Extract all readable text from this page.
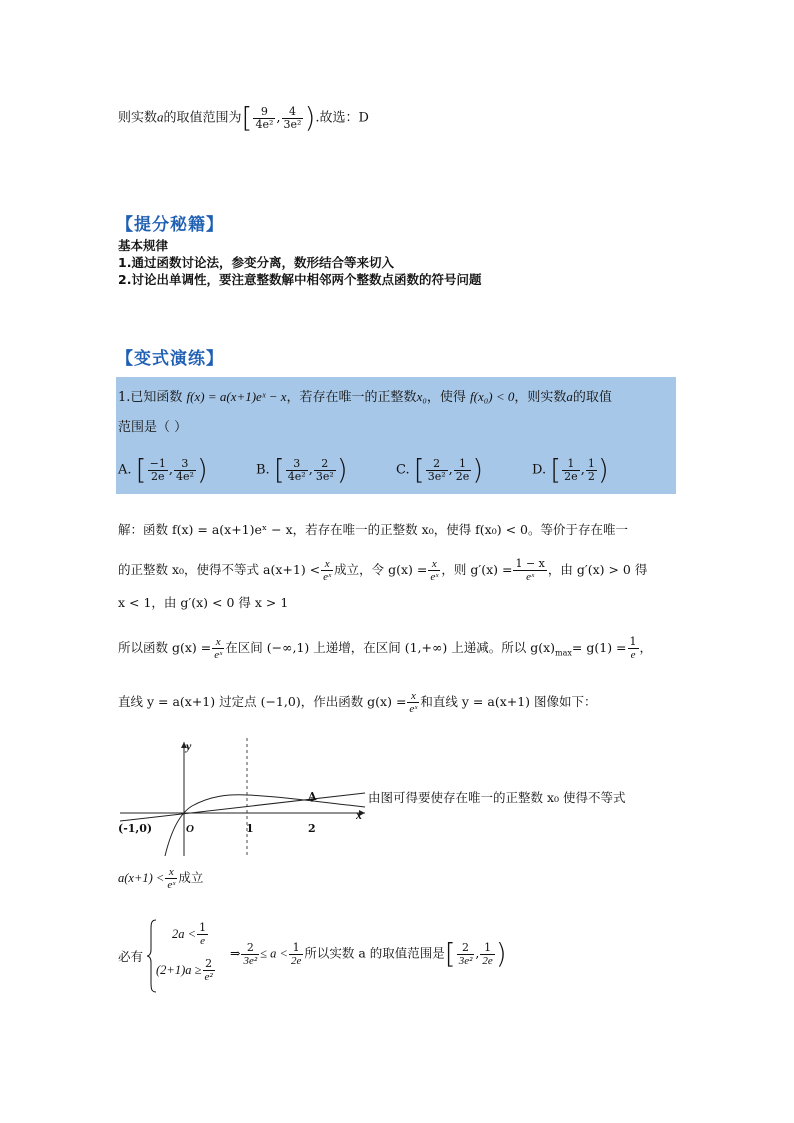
则实数a的取值范围为[ $\frac{9}{\text{4e²}}$ , $\frac{4}{\text{3e²}}$ ).故选：D
【提分秘籍】
基本规律
1.通过函数讨论法，参变分离，数形结合等来切入
2.讨论出单调性，要注意整数解中相邻两个整数点函数的符号问题
【变式演练】
1.已知函数 f(x) = a(x+1)eˣ − x，若存在唯一的正整数x₀，使得 f(x₀) < 0，则实数a的取值
范围是（ ）
A. [ $\frac{-1}{2e}$ , $\frac{3}{\text{4e²}}$ )	B. [ $\frac{3}{\text{4e²}}$ , $\frac{2}{\text{3e²}}$ )	C. [ $\frac{2}{\text{3e²}}$ , $\frac{1}{2e}$ )	D. [ $\frac{1}{2e}$ , $\frac{1}{2}$ )
解：函数 f(x) = a(x+1)eˣ − x，若存在唯一的正整数 x₀，使得 f(x₀) < 0。等价于存在唯一
的正整数 x₀，使得不等式 $a(x+1) < \frac{x}{\text{eˣ}}$ 成立，令 $g(x) = \frac{x}{\text{eˣ}}$ ，则 $g'(x) = \frac{1 - x}{\text{eˣ}}$ ，由 g′(x) > 0 得
x < 1，由 g′(x) < 0 得 x > 1
所以函数 $g(x) = \frac{x}{\text{eˣ}}$ 在区间 (−∞,1) 上递增，在区间 (1,+∞) 上递减。所以 $g(x)_{max}= g(1) = \frac{1}{e}$ ，
直线 y = a(x+1) 过定点 (−1,0)，作出函数 $g(x) = \frac{x}{\text{eˣ}}$ 和直线 y = a(x+1) 图像如下：
y
x
O
(-1,0)	1	2
A	由图可得要使存在唯一的正整数 x₀ 使得不等式
$a(x+1) < \frac{x}{\text{eˣ}}$ 成立
必有
$2a < \frac{1}{e}$
$(2+1)a \ge \frac{2}{\text{e²}}$
⇒ $\frac{2}{\text{3e²}} \le a < \frac{1}{2e}$ 所以实数 a 的取值范围是[ $\frac{2}{\text{3e²}}$ , $\frac{1}{2e}$ )
